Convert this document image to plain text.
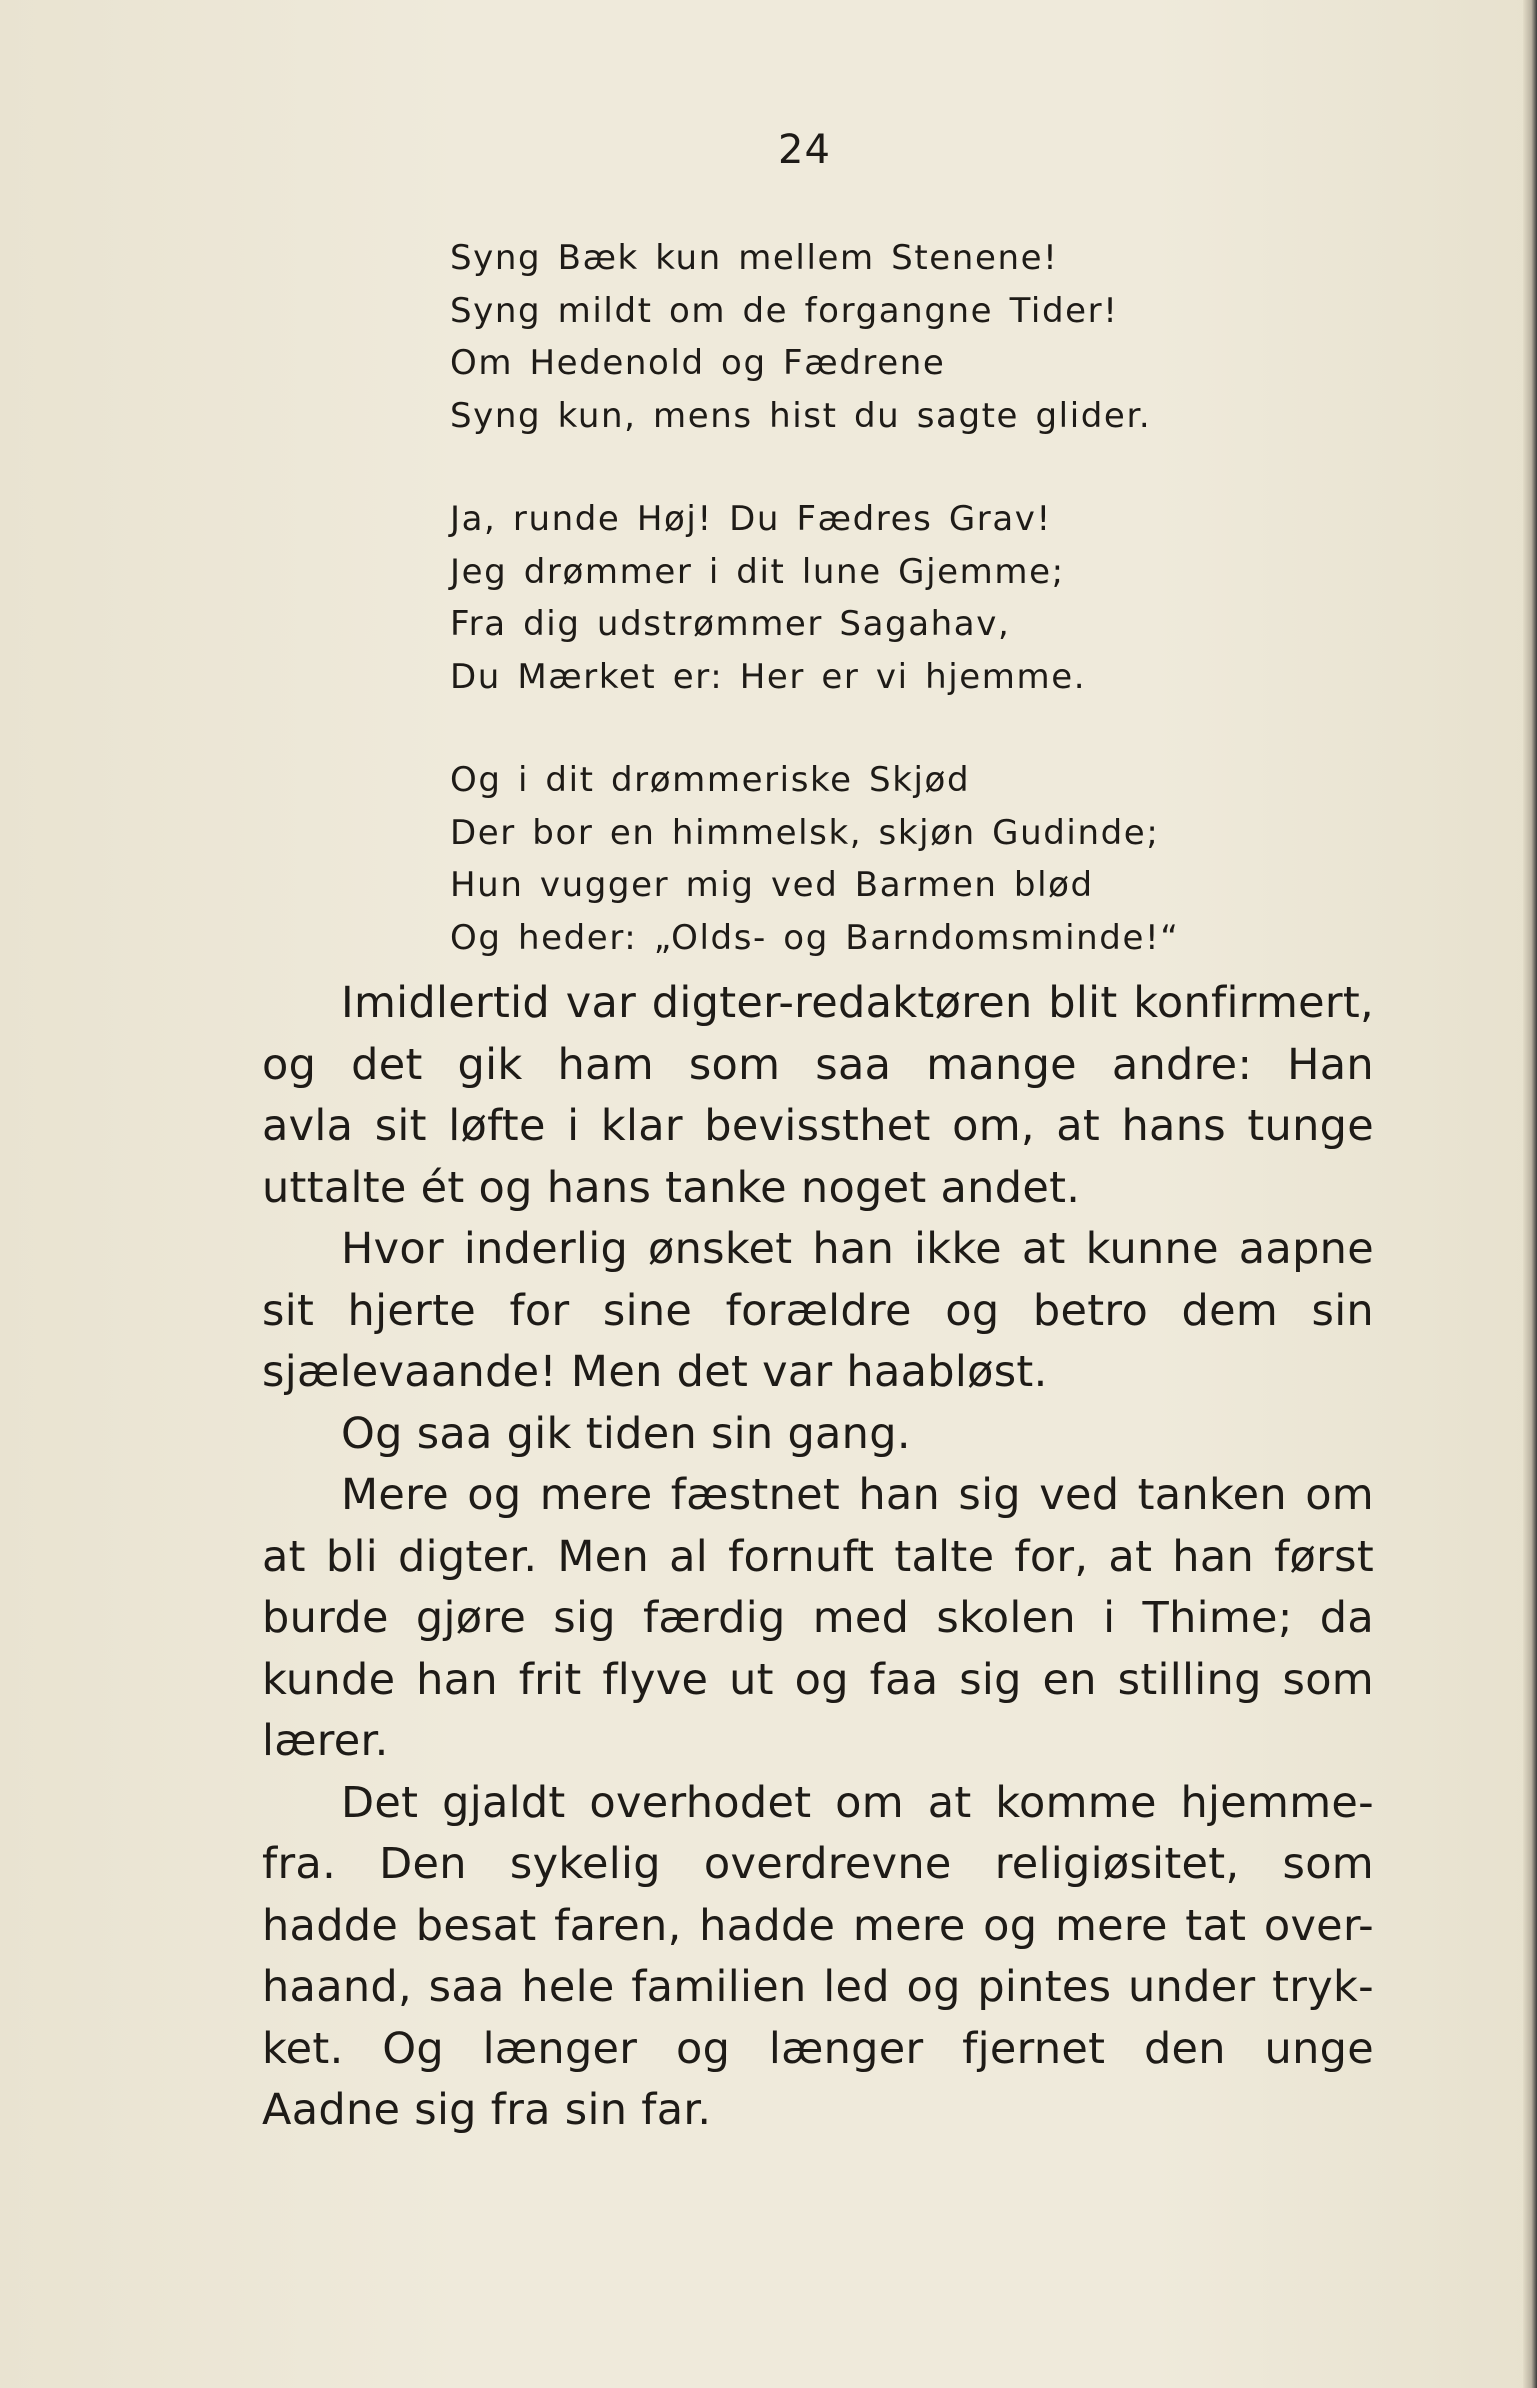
24
Syng Bæk kun mellem Stenene!
Syng mildt om de forgangne Tider!
Om Hedenold og Fædrene
Syng kun, mens hist du sagte glider.
Ja, runde Høj! Du Fædres Grav!
Jeg drømmer i dit lune Gjemme;
Fra dig udstrømmer Sagahav,
Du Mærket er: Her er vi hjemme.
Og i dit drømmeriske Skjød
Der bor en himmelsk, skjøn Gudinde;
Hun vugger mig ved Barmen blød
Og heder: „Olds- og Barndomsminde!“
Imidlertid var digter-redaktøren blit konfirmert,
og det gik ham som saa mange andre: Han
avla sit løfte i klar bevissthet om, at hans tunge
uttalte ét og hans tanke noget andet.
Hvor inderlig ønsket han ikke at kunne aapne
sit hjerte for sine forældre og betro dem sin
sjælevaande! Men det var haabløst.
Og saa gik tiden sin gang.
Mere og mere fæstnet han sig ved tanken om
at bli digter. Men al fornuft talte for, at han først
burde gjøre sig færdig med skolen i Thime; da
kunde han frit flyve ut og faa sig en stilling som
lærer.
Det gjaldt overhodet om at komme hjemme-
fra. Den sykelig overdrevne religiøsitet, som
hadde besat faren, hadde mere og mere tat over-
haand, saa hele familien led og pintes under tryk-
ket. Og længer og længer fjernet den unge
Aadne sig fra sin far.
